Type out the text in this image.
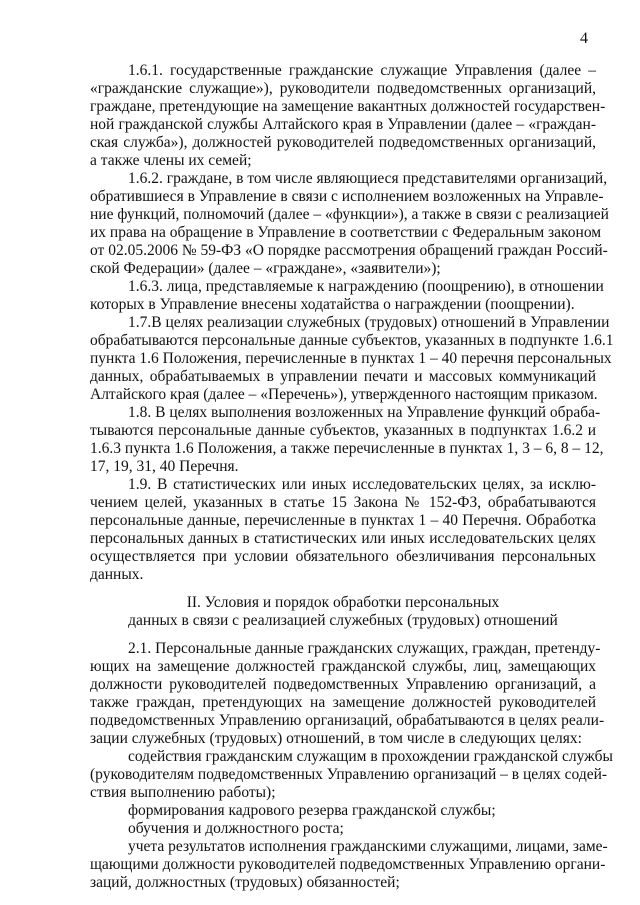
4
1.6.1. государственные гражданские служащие Управления (далее –
«гражданские служащие»), руководители подведомственных организаций,
граждане, претендующие на замещение вакантных должностей государствен-
ной гражданской службы Алтайского края в Управлении (далее – «граждан-
ская служба»), должностей руководителей подведомственных организаций,
а также члены их семей;
1.6.2. граждане, в том числе являющиеся представителями организаций,
обратившиеся в Управление в связи с исполнением возложенных на Управле-
ние функций, полномочий (далее – «функции»), а также в связи с реализацией
их права на обращение в Управление в соответствии с Федеральным законом
от 02.05.2006 № 59-ФЗ «О порядке рассмотрения обращений граждан Россий-
ской Федерации» (далее – «граждане», «заявители»);
1.6.3. лица, представляемые к награждению (поощрению), в отношении
которых в Управление внесены ходатайства о награждении (поощрении).
1.7.В целях реализации служебных (трудовых) отношений в Управлении
обрабатываются персональные данные субъектов, указанных в подпункте 1.6.1
пункта 1.6 Положения, перечисленные в пунктах 1 – 40 перечня персональных
данных, обрабатываемых в управлении печати и массовых коммуникаций
Алтайского края (далее – «Перечень»), утвержденного настоящим приказом.
1.8. В целях выполнения возложенных на Управление функций обраба-
тываются персональные данные субъектов, указанных в подпунктах 1.6.2 и
1.6.3 пункта 1.6 Положения, а также перечисленные в пунктах 1, 3 – 6, 8 – 12,
17, 19, 31, 40 Перечня.
1.9. В статистических или иных исследовательских целях, за исклю-
чением целей, указанных в статье 15 Закона № 152-ФЗ, обрабатываются
персональные данные, перечисленные в пунктах 1 – 40 Перечня. Обработка
персональных данных в статистических или иных исследовательских целях
осуществляется при условии обязательного обезличивания персональных
данных.
II. Условия и порядок обработки персональных
данных в связи с реализацией служебных (трудовых) отношений
2.1. Персональные данные гражданских служащих, граждан, претенду-
ющих на замещение должностей гражданской службы, лиц, замещающих
должности руководителей подведомственных Управлению организаций, а
также граждан, претендующих на замещение должностей руководителей
подведомственных Управлению организаций, обрабатываются в целях реали-
зации служебных (трудовых) отношений, в том числе в следующих целях:
содействия гражданским служащим в прохождении гражданской службы
(руководителям подведомственных Управлению организаций – в целях содей-
ствия выполнению работы);
формирования кадрового резерва гражданской службы;
обучения и должностного роста;
учета результатов исполнения гражданскими служащими, лицами, заме-
щающими должности руководителей подведомственных Управлению органи-
заций, должностных (трудовых) обязанностей;
